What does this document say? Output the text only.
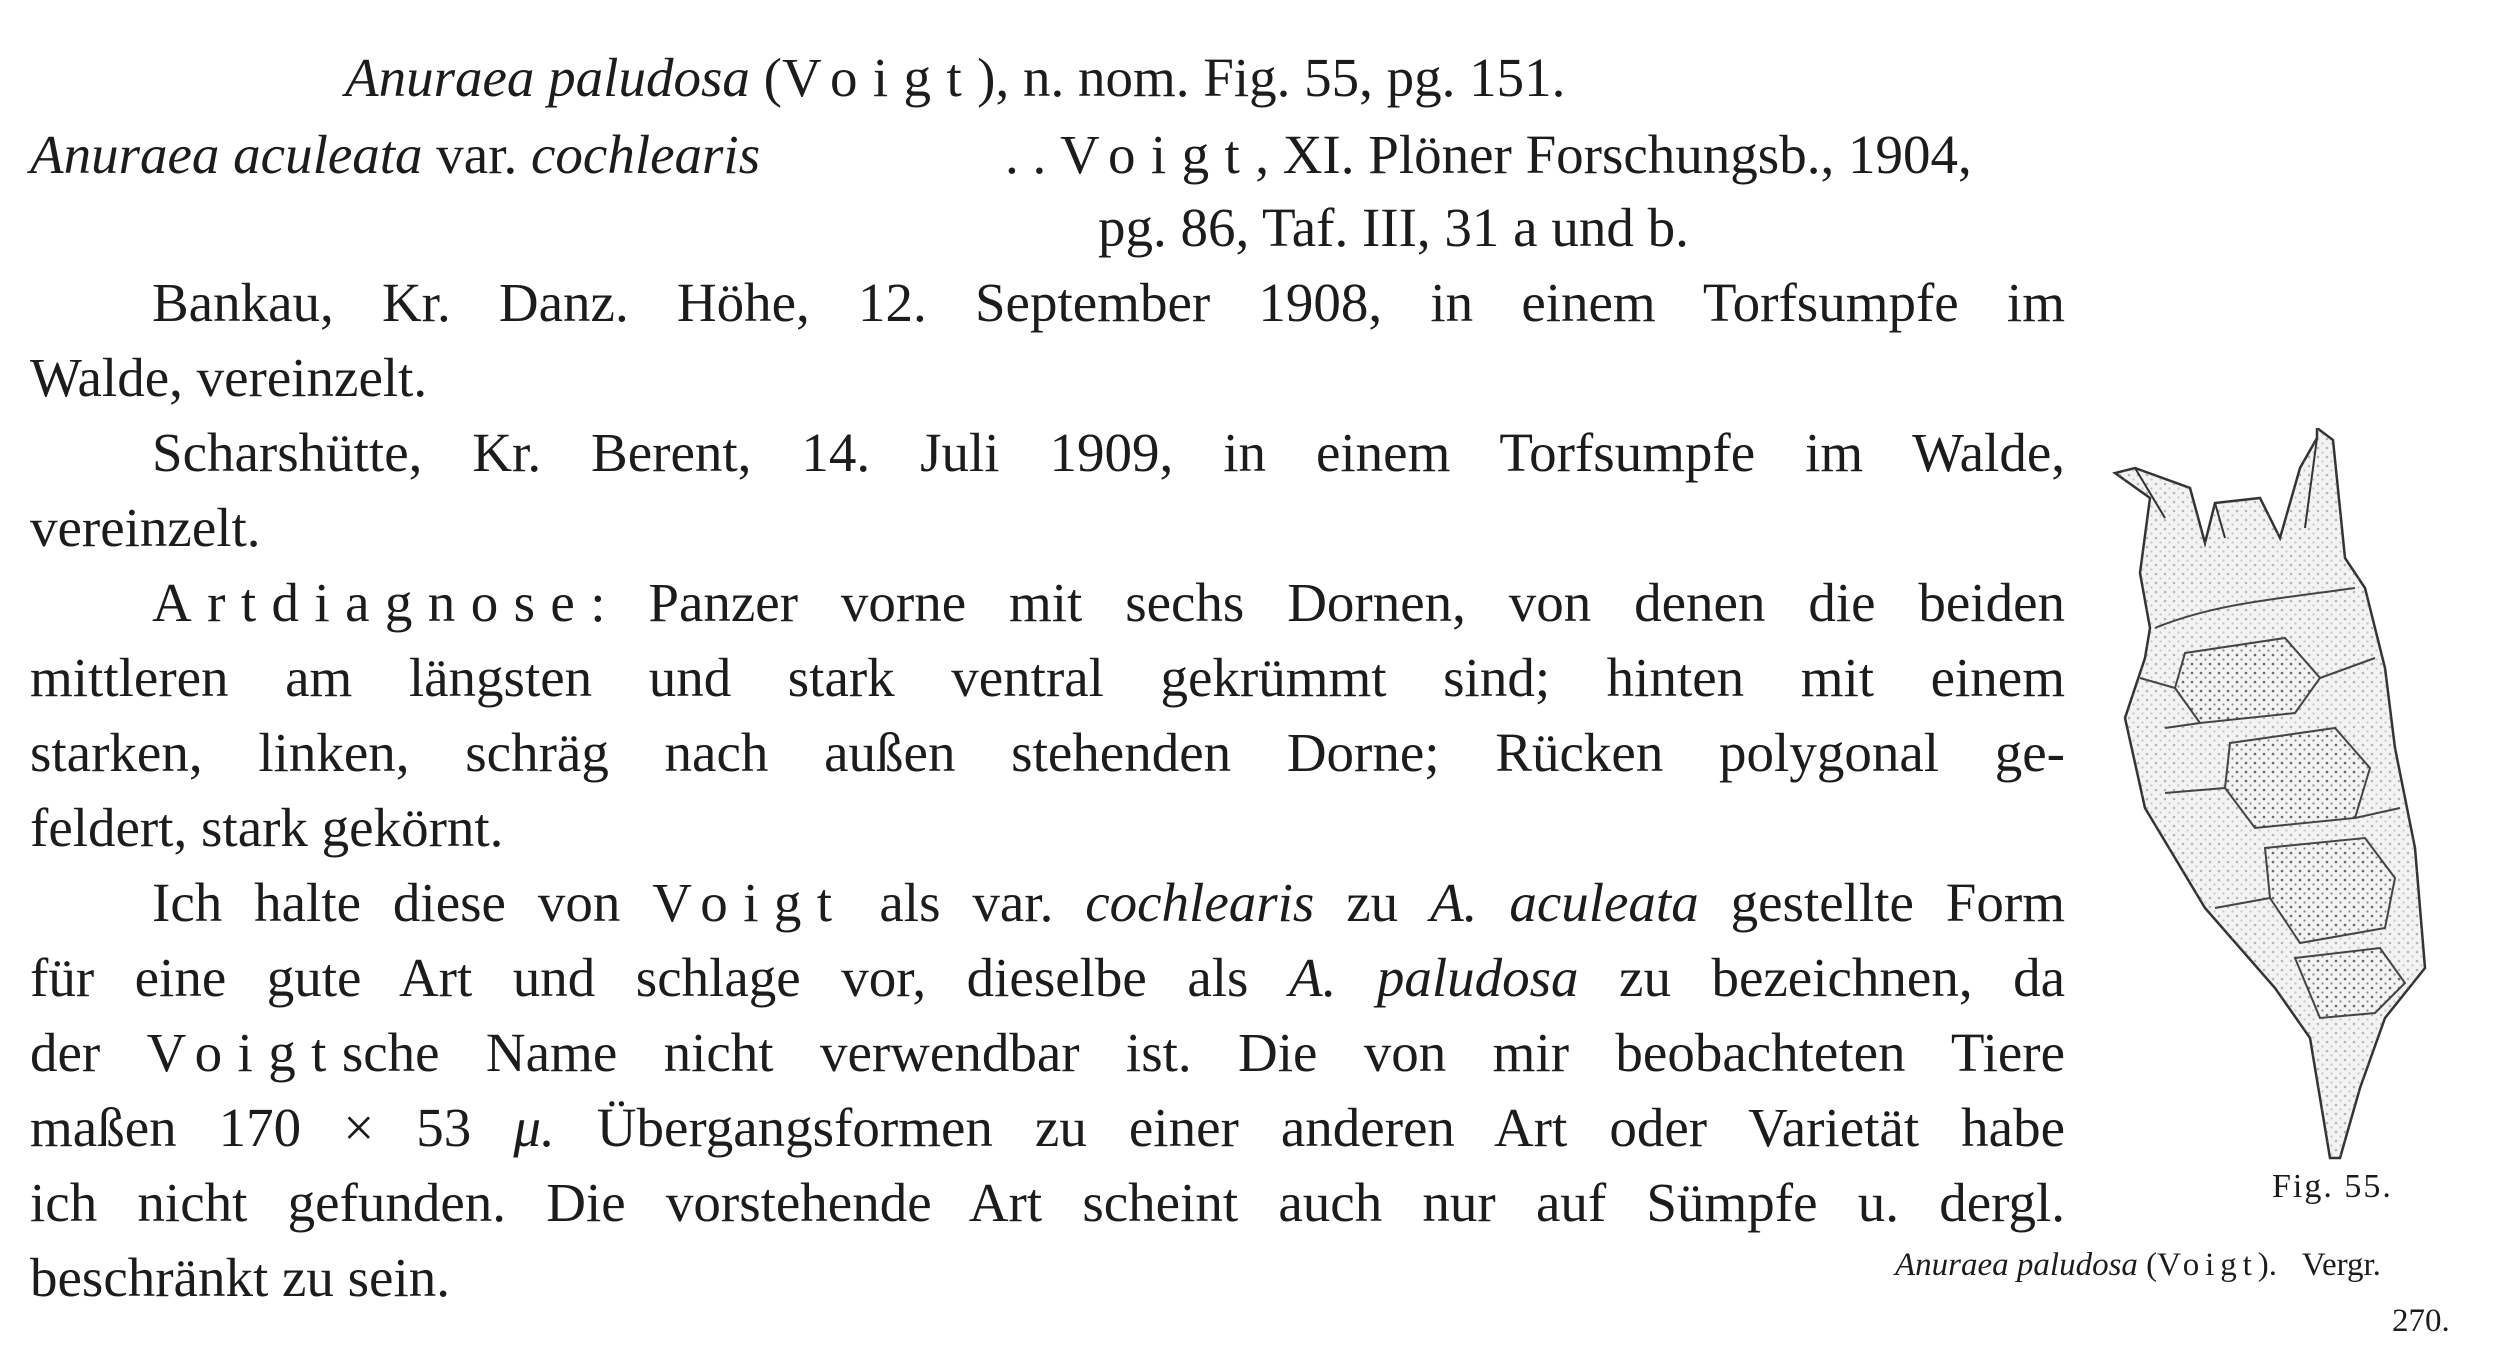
Anuraea paludosa (Voigt), n. nom. Fig. 55, pg. 151.
Anuraea aculeata var. cochlearis	. . Voigt, XI. Plöner Forschungsb., 1904,
pg. 86, Taf. III, 31 a und b.
Bankau, Kr. Danz. Höhe, 12. September 1908, in einem Torfsumpfe im
Walde, vereinzelt.
Scharshütte, Kr. Berent, 14. Juli 1909, in einem Torfsumpfe im Walde,
vereinzelt.
Artdiagnose: Panzer vorne mit sechs Dornen, von denen die beiden
mittleren am längsten und stark ventral gekrümmt sind; hinten mit einem
starken, linken, schräg nach außen stehenden Dorne; Rücken polygonal ge-
feldert, stark gekörnt.
Ich halte diese von Voigt als var. cochlearis zu A. aculeata gestellte Form
für eine gute Art und schlage vor, dieselbe als A. paludosa zu bezeichnen, da
der Voigtsche Name nicht verwendbar ist. Die von mir beobachteten Tiere
maßen 170 × 53 μ. Übergangsformen zu einer anderen Art oder Varietät habe
ich nicht gefunden. Die vorstehende Art scheint auch nur auf Sümpfe u. dergl.
beschränkt zu sein.
Fig. 55.
Anuraea paludosa (Voigt).   Vergr.
270.
